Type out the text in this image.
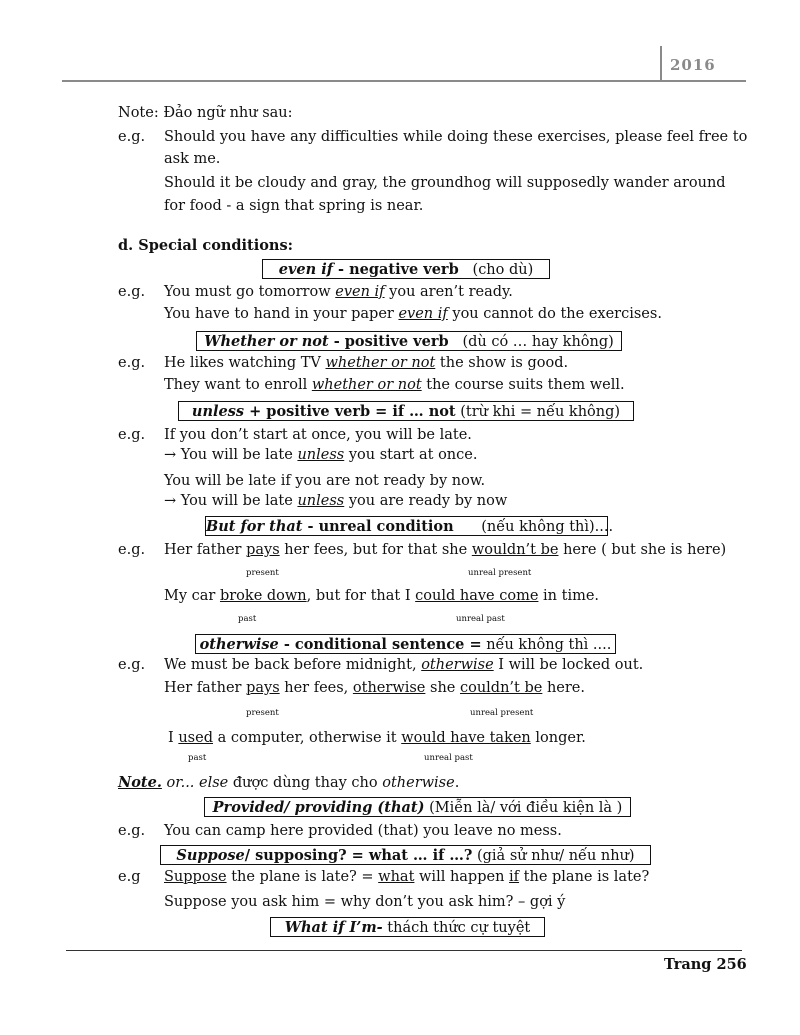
2016
Note: Đảo ngữ như sau:
e.g. Should you have any difficulties while doing these exercises, please feel free to
ask me.
Should it be cloudy and gray, the groundhog will supposedly wander around
for food - a sign that spring is near.
d. Special conditions:
even if - negative verb (cho dù)
e.g. You must go tomorrow even if you aren’t ready.
You have to hand in your paper even if you cannot do the exercises.
Whether or not - positive verb (dù có … hay không)
e.g. He likes watching TV whether or not the show is good.
They want to enroll whether or not the course suits them well.
unless + positive verb = if … not (trừ khi = nếu không)
e.g. If you don’t start at once, you will be late.
→ You will be late unless you start at once.
You will be late if you are not ready by now.
→ You will be late unless you are ready by now
But for that - unreal condition (nếu không thì)....
e.g. Her father pays her fees, but for that she wouldn’t be here ( but she is here)
present	unreal present
My car broke down, but for that I could have come in time.
past	unreal past
otherwise - conditional sentence = nếu không thì ....
e.g. We must be back before midnight, otherwise I will be locked out.
Her father pays her fees, otherwise she couldn’t be here.
present	unreal present
I used a computer, otherwise it would have taken longer.
past	unreal past
Note. or... else được dùng thay cho otherwise.
Provided/ providing (that) (Miễn là/ với điều kiện là )
e.g. You can camp here provided (that) you leave no mess.
Suppose/ supposing? = what … if …? (giả sử như/ nếu như)
e.g Suppose the plane is late? = what will happen if the plane is late?
Suppose you ask him = why don’t you ask him? – gợi ý
What if I’m- thách thức cự tuyệt
Trang 256
